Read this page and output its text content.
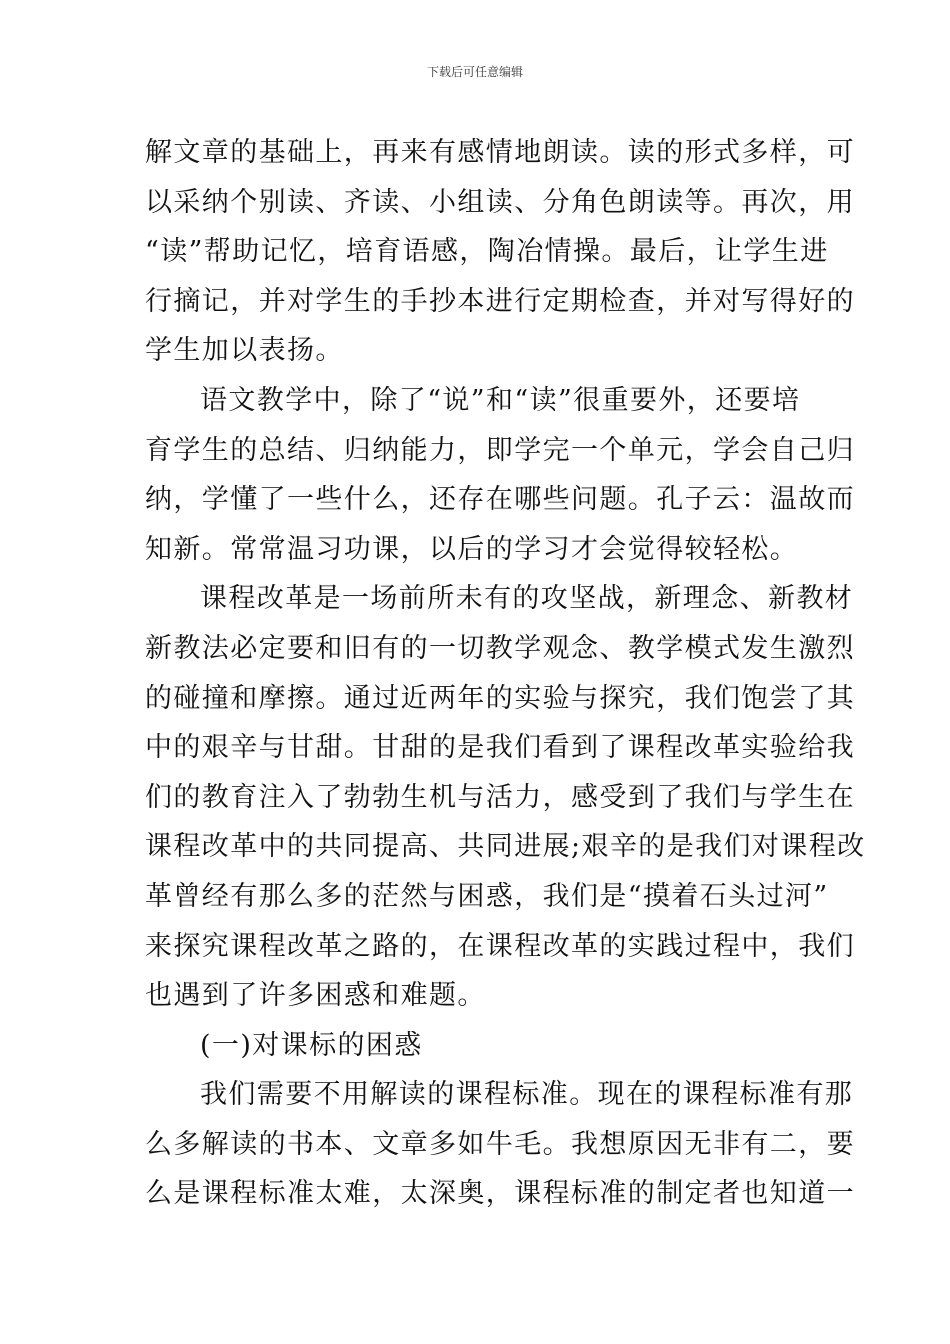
下载后可任意编辑

解文章的基础上，再来有感情地朗读。读的形式多样，可
以采纳个别读、齐读、小组读、分角色朗读等。再次，用
“读”帮助记忆，培育语感，陶冶情操。最后，让学生进
行摘记，并对学生的手抄本进行定期检查，并对写得好的
学生加以表扬。

语文教学中，除了“说”和“读”很重要外，还要培
育学生的总结、归纳能力，即学完一个单元，学会自己归
纳，学懂了一些什么，还存在哪些问题。孔子云：温故而
知新。常常温习功课，以后的学习才会觉得较轻松。

课程改革是一场前所未有的攻坚战，新理念、新教材
新教法必定要和旧有的一切教学观念、教学模式发生激烈
的碰撞和摩擦。通过近两年的实验与探究，我们饱尝了其
中的艰辛与甘甜。甘甜的是我们看到了课程改革实验给我
们的教育注入了勃勃生机与活力，感受到了我们与学生在
课程改革中的共同提高、共同进展;艰辛的是我们对课程改
革曾经有那么多的茫然与困惑，我们是“摸着石头过河”
来探究课程改革之路的，在课程改革的实践过程中，我们
也遇到了许多困惑和难题。

(一)对课标的困惑

我们需要不用解读的课程标准。现在的课程标准有那
么多解读的书本、文章多如牛毛。我想原因无非有二，要
么是课程标准太难，太深奥，课程标准的制定者也知道一
